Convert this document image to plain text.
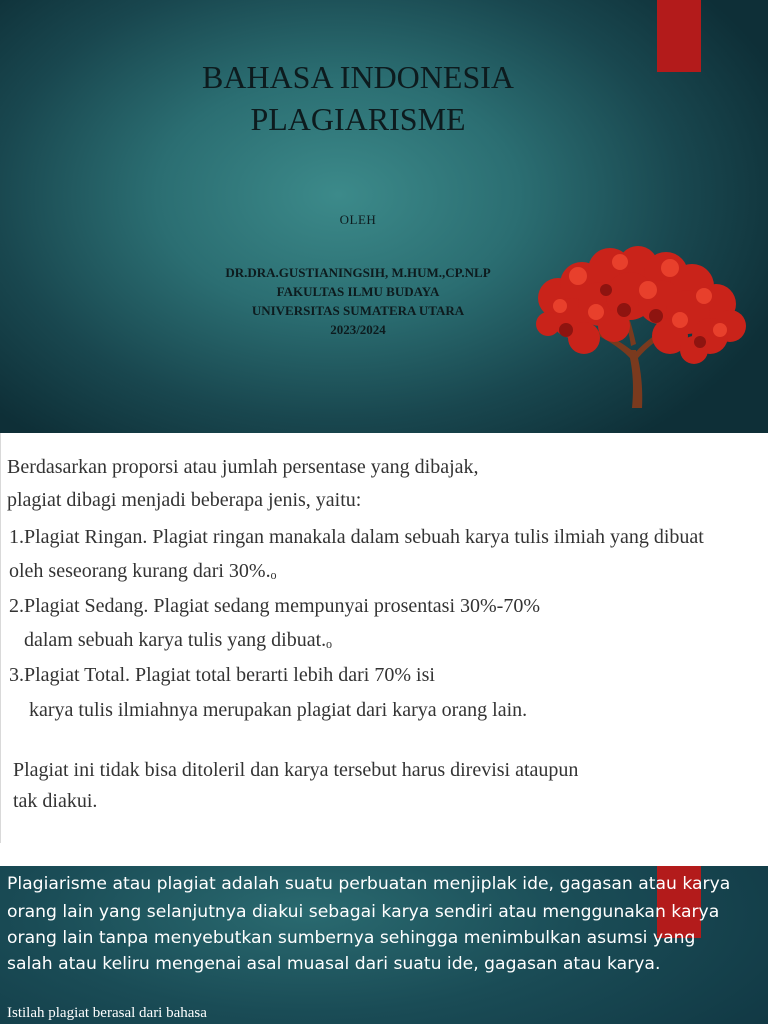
BAHASA INDONESIA
PLAGIARISME
OLEH
DR.DRA.GUSTIANINGSIH, M.HUM.,CP.NLP
FAKULTAS ILMU BUDAYA
UNIVERSITAS SUMATERA UTARA
2023/2024
Berdasarkan proporsi atau jumlah persentase yang dibajak,
plagiat dibagi menjadi beberapa jenis, yaitu:
1.Plagiat Ringan. Plagiat ringan manakala dalam sebuah karya tulis ilmiah yang dibuat
oleh seseorang kurang dari 30%.ₒ
2.Plagiat Sedang. Plagiat sedang mempunyai prosentasi 30%-70%
dalam sebuah karya tulis yang dibuat.ₒ
3.Plagiat Total. Plagiat total berarti lebih dari 70% isi
karya tulis ilmiahnya merupakan plagiat dari karya orang lain.
Plagiat ini tidak bisa ditoleril dan karya tersebut harus direvisi ataupun
tak diakui.
Plagiarisme atau plagiat adalah suatu perbuatan menjiplak ide, gagasan atau karya
orang lain yang selanjutnya diakui sebagai karya sendiri atau menggunakan karya
orang lain tanpa menyebutkan sumbernya sehingga menimbulkan asumsi yang
salah atau keliru mengenai asal muasal dari suatu ide, gagasan atau karya.
Istilah plagiat berasal dari bahasa
